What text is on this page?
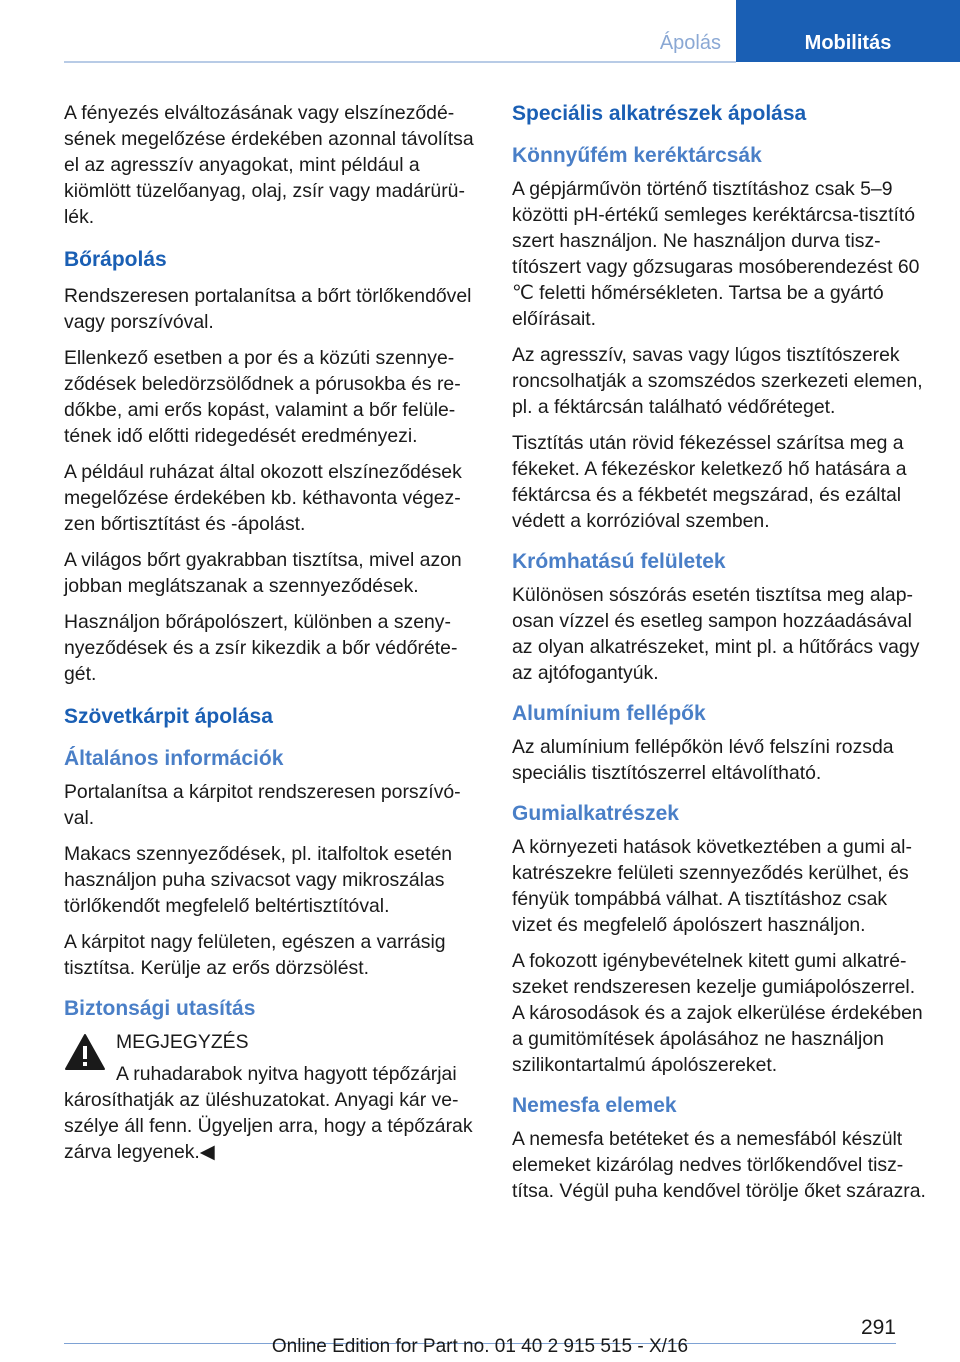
Ápolás	Mobilitás

A fényezés elváltozásának vagy elszíneződésének megelőzése érdekében azonnal távolítsa el az agresszív anyagokat, mint például a kiömlött tüzelőanyag, olaj, zsír vagy madárürülék.

Bőrápolás

Rendszeresen portalanítsa a bőrt törlőkendővel vagy porszívóval.

Ellenkező esetben a por és a közúti szennyeződések beledörzsölődnek a pórusokba és redőkbe, ami erős kopást, valamint a bőr felületének idő előtti ridegedését eredményezi.

A például ruházat által okozott elszíneződések megelőzése érdekében kb. kéthavonta végezzen bőrtisztítást és -ápolást.

A világos bőrt gyakrabban tisztítsa, mivel azon jobban meglátszanak a szennyeződések.

Használjon bőrápolószert, különben a szenynyeződések és a zsír kikezdik a bőr védőrétegét.

Szövetkárpit ápolása
Általános információk

Portalanítsa a kárpitot rendszeresen porszívóval.

Makacs szennyeződések, pl. italfoltok esetén használjon puha szivacsot vagy mikroszálas törlőkendőt megfelelő beltértisztítóval.

A kárpitot nagy felületen, egészen a varrásig tisztítsa. Kerülje az erős dörzsölést.

Biztonsági utasítás

MEGJEGYZÉS

A ruhadarabok nyitva hagyott tépőzárjai

károsíthatják az üléshuzatokat. Anyagi kár veszélye áll fenn. Ügyeljen arra, hogy a tépőzárak zárva legyenek.◀

Speciális alkatrészek ápolása
Könnyűfém keréktárcsák

A gépjárművön történő tisztításhoz csak 5–9 közötti pH-értékű semleges keréktárcsa-tisztító szert használjon. Ne használjon durva tisztítószert vagy gőzsugaras mosóberendezést 60 ℃ feletti hőmérsékleten. Tartsa be a gyártó előírásait.

Az agresszív, savas vagy lúgos tisztítószerek roncsolhatják a szomszédos szerkezeti elemen, pl. a féktárcsán található védőréteget.

Tisztítás után rövid fékezéssel szárítsa meg a fékeket. A fékezéskor keletkező hő hatására a féktárcsa és a fékbetét megszárad, és ezáltal védett a korrózióval szemben.

Krómhatású felületek

Különösen sószórás esetén tisztítsa meg alaposan vízzel és esetleg sampon hozzáadásával az olyan alkatrészeket, mint pl. a hűtőrács vagy az ajtófogantyúk.

Alumínium fellépők

Az alumínium fellépőkön lévő felszíni rozsda speciális tisztítószerrel eltávolítható.

Gumialkatrészek

A környezeti hatások következtében a gumi alkatrészekre felületi szennyeződés kerülhet, és fényük tompábbá válhat. A tisztításhoz csak vizet és megfelelő ápolószert használjon.

A fokozott igénybevételnek kitett gumi alkatrészeket rendszeresen kezelje gumiápolószerrel. A károsodások és a zajok elkerülése érdekében a gumitömítések ápolásához ne használjon szilikontartalmú ápolószereket.

Nemesfa elemek

A nemesfa betéteket és a nemesfából készült elemeket kizárólag nedves törlőkendővel tisztítsa. Végül puha kendővel törölje őket szárazra.

291
Online Edition for Part no. 01 40 2 915 515 - X/16
